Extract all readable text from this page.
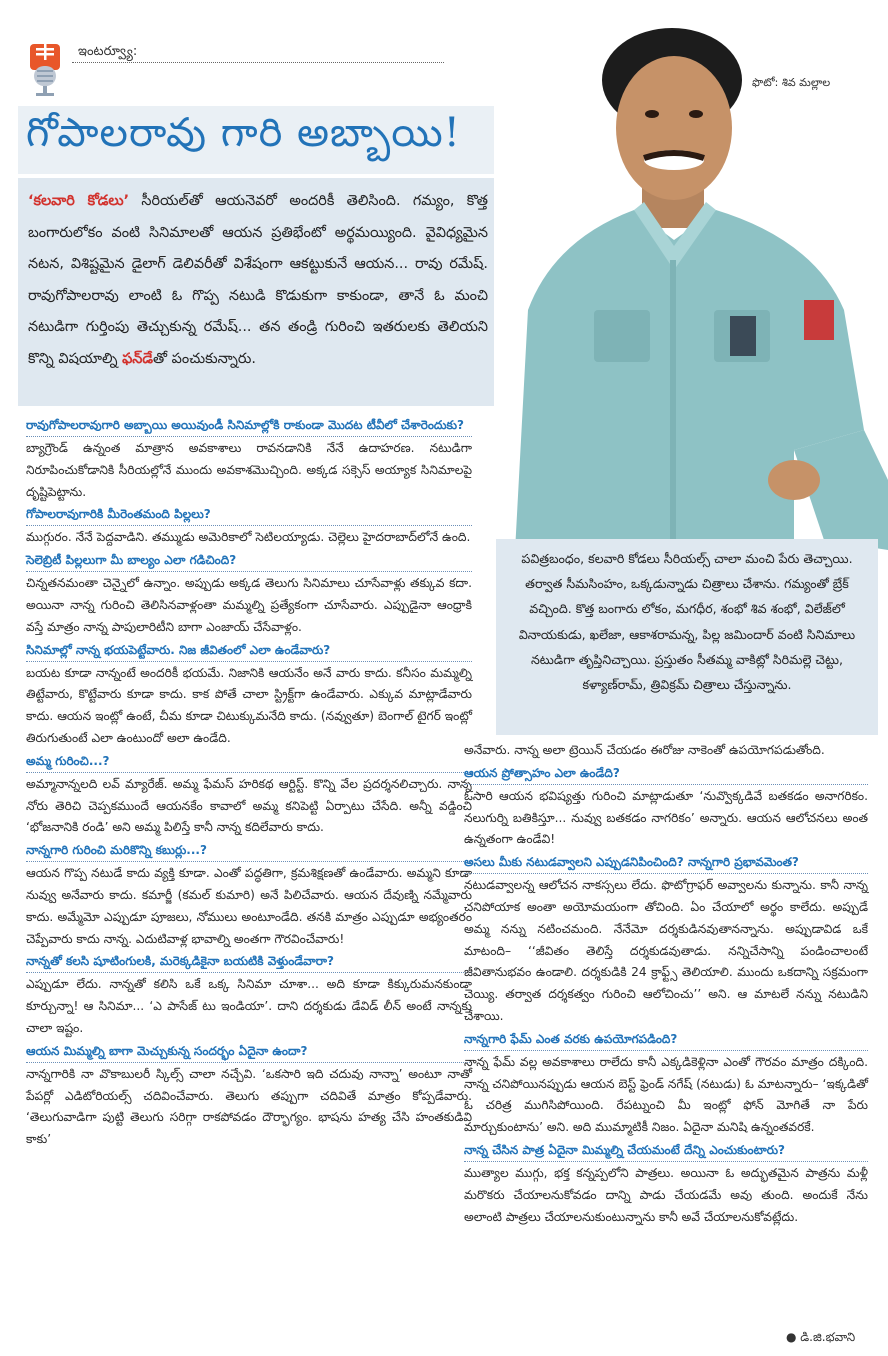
ఇంటర్వ్యూ:
ఫొటో: శివ మల్లాల
గోపాలరావు గారి అబ్బాయి!

‘కలవారి కోడలు’ సీరియల్‌తో ఆయనెవరో అందరికీ తెలిసింది. గమ్యం, కొత్త బంగారులోకం వంటి సినిమాలతో ఆయన ప్రతిభేంటో అర్థమయ్యింది. వైవిధ్యమైన నటన, విశిష్టమైన డైలాగ్ డెలివరీతో విశేషంగా ఆకట్టుకునే ఆయన... రావు రమేష్. రావుగోపాలరావు లాంటి ఓ గొప్ప నటుడి కొడుకుగా కాకుండా, తానే ఓ మంచి నటుడిగా గుర్తింపు తెచ్చుకున్న రమేష్... తన తండ్రి గురించి ఇతరులకు తెలియని కొన్ని విషయాల్ని ఫన్‌డేతో పంచుకున్నారు.

పవిత్రబంధం, కలవారి కోడలు సీరియల్స్ చాలా మంచి పేరు తెచ్చాయి. తర్వాత సీమసింహం, ఒక్కడున్నాడు చిత్రాలు చేశాను. గమ్యంతో బ్రేక్ వచ్చింది. కొత్త బంగారు లోకం, మగధీర, శంభో శివ శంభో, విలేజ్‌లో వినాయకుడు, ఖలేజా, ఆకాశరామన్న, పిల్ల జమిందార్ వంటి సినిమాలు నటుడిగా తృప్తినిచ్చాయి. ప్రస్తుతం సీతమ్మ వాకిట్లో సిరిమల్లె చెట్టు, కళ్యాణ్‌రామ్, త్రివిక్రమ్ చిత్రాలు చేస్తున్నాను.

రావుగోపాలరావుగారి అబ్బాయి అయివుండీ సినిమాల్లోకి రాకుండా మొదట టీవీలో చేశారెందుకు?
బ్యాగ్రౌండ్ ఉన్నంత మాత్రాన అవకాశాలు రావనడానికి నేనే ఉదాహరణ. నటుడిగా నిరూపించుకోడానికి సీరియల్లోనే ముందు అవకాశమొచ్చింది. అక్కడ సక్సెస్ అయ్యాక సినిమాలపై దృష్టిపెట్టాను.
గోపాలరావుగారికి మీరెంతమంది పిల్లలు?
ముగ్గురం. నేనే పెద్దవాడిని. తమ్ముడు అమెరికాలో సెటిలయ్యాడు. చెల్లెలు హైదరాబాద్‌లోనే ఉంది.
సెలెబ్రిటీ పిల్లలుగా మీ బాల్యం ఎలా గడిచింది?
చిన్నతనమంతా చెన్నైలో ఉన్నాం. అప్పుడు అక్కడ తెలుగు సినిమాలు చూసేవాళ్లు తక్కువ కదా. అయినా నాన్న గురించి తెలిసినవాళ్లంతా మమ్మల్ని ప్రత్యేకంగా చూసేవారు. ఎప్పుడైనా ఆంధ్రాకి వస్తే మాత్రం నాన్న పాపులారిటీని బాగా ఎంజాయ్ చేసేవాళ్లం.
సినిమాల్లో నాన్న భయపెట్టేవారు. నిజ జీవితంలో ఎలా ఉండేవారు?
బయట కూడా నాన్నంటే అందరికీ భయమే. నిజానికి ఆయనేం అనే వారు కాదు. కనీసం మమ్మల్ని తిట్టేవారు, కొట్టేవారు కూడా కాదు. కాక పోతే చాలా స్ట్రిక్ట్‌గా ఉండేవారు. ఎక్కువ మాట్లాడేవారు కాదు. ఆయన ఇంట్లో ఉంటే, చీమ కూడా చిటుక్కుమనేది కాదు. (నవ్వుతూ) బెంగాల్ టైగర్ ఇంట్లో తిరుగుతుంటే ఎలా ఉంటుందో అలా ఉండేది.
అమ్మ గురించి...?
అమ్మానాన్నలది లవ్ మ్యారేజ్. అమ్మ ఫేమస్ హరికథ ఆర్టిస్ట్. కొన్ని వేల ప్రదర్శనలిచ్చారు. నాన్న నోరు తెరిచి చెప్పకముందే ఆయనకేం కావాలో అమ్మ కనిపెట్టి ఏర్పాటు చేసేది. అన్నీ వడ్డించి ‘భోజనానికి రండి’ అని అమ్మ పిలిస్తే కానీ నాన్న కదిలేవారు కాదు.
నాన్నగారి గురించి మరికొన్ని కబుర్లు...?
ఆయన గొప్ప నటుడే కాదు వ్యక్తి కూడా. ఎంతో పద్ధతిగా, క్రమశిక్షణతో ఉండేవారు. అమ్మని కూడా నువ్వు అనేవారు కాదు. కమార్జీ (కమల్ కుమారి) అనే పిలిచేవారు. ఆయన దేవుణ్ని నమ్మేవారు కాదు. అమ్మేమో ఎప్పుడూ పూజలు, నోములు అంటూండేది. తనకి మాత్రం ఎప్పుడూ అభ్యంతరం చెప్పేవారు కాదు నాన్న. ఎదుటివాళ్ల భావాల్ని అంతగా గౌరవించేవారు!
నాన్నతో కలసి షూటింగులకి, మరెక్కడికైనా బయటికి వెళ్తుండేవారా?
ఎప్పుడూ లేదు. నాన్నతో కలిసి ఒకే ఒక్క సినిమా చూశా... అది కూడా కిక్కురుమనకుండా కూర్చున్నా! ఆ సినిమా... ‘ఎ పాసేజ్ టు ఇండియా’. దాని దర్శకుడు డేవిడ్ లీన్ అంటే నాన్నకు చాలా ఇష్టం.
ఆయన మిమ్మల్ని బాగా మెచ్చుకున్న సందర్భం ఏదైనా ఉందా?
నాన్నగారికి నా వొకాబులరీ స్కిల్స్ చాలా నచ్చేవి. ‘ఒకసారి ఇది చదువు నాన్నా’ అంటూ నాతో పేపర్లో ఎడిటోరియల్స్ చదివించేవారు. తెలుగు తప్పుగా చదివితే మాత్రం కోప్పడేవారు. ‘తెలుగువాడిగా పుట్టి తెలుగు సరిగ్గా రాకపోవడం దౌర్భాగ్యం. భాషను హత్య చేసి హంతకుడివి కాకు’
అనేవారు. నాన్న అలా ట్రెయిన్ చేయడం ఈరోజు నాకెంతో ఉపయోగపడుతోంది.
ఆయన ప్రోత్సాహం ఎలా ఉండేది?
ఓసారి ఆయన భవిష్యత్తు గురించి మాట్లాడుతూ ‘నువ్వొక్కడివే బతకడం అనాగరికం. నలుగుర్ని బతికిస్తూ... నువ్వు బతకడం నాగరికం’ అన్నారు. ఆయన ఆలోచనలు అంత ఉన్నతంగా ఉండేవి!
అసలు మీకు నటుడవ్వాలని ఎప్పుడనిపించింది? నాన్నగారి ప్రభావమెంత?
నటుడవ్వాలన్న ఆలోచన నాకస్సలు లేదు. ఫొటోగ్రాఫర్ అవ్వాలను కున్నాను. కానీ నాన్న చనిపోయాక అంతా అయోమయంగా తోచింది. ఏం చేయాలో అర్థం కాలేదు. అప్పుడే అమ్మ నన్ను నటించమంది. నేనేమో దర్శకుడినవుతానన్నాను. అప్పుడావిడ ఒకే మాటంది– ‘‘జీవితం తెలిస్తే దర్శకుడవుతాడు. నన్నిచేసాన్ని పండించాలంటే జీవితానుభవం ఉండాలి. దర్శకుడికి 24 క్రాఫ్ట్స్ తెలియాలి. ముందు ఒకదాన్ని సక్రమంగా చెయ్యి. తర్వాత దర్శకత్వం గురించి ఆలోచించు’’ అని. ఆ మాటలే నన్ను నటుడిని చేశాయి.
నాన్నగారి ఫేమ్ ఎంత వరకు ఉపయోగపడింది?
నాన్న ఫేమ్ వల్ల అవకాశాలు రాలేదు కానీ ఎక్కడికెళ్లినా ఎంతో గౌరవం మాత్రం దక్కింది. నాన్న చనిపోయినప్పుడు ఆయన బెస్ట్ ఫ్రెండ్ నగేష్ (నటుడు) ఓ మాటన్నారు– ‘ఇక్కడితో ఓ చరిత్ర ముగిసిపోయింది. రేపట్నుంచి మీ ఇంట్లో ఫోన్ మోగితే నా పేరు మార్చుకుంటాను’ అని. అది ముమ్మాటికీ నిజం. ఏదైనా మనిషి ఉన్నంతవరకే.
నాన్న చేసిన పాత్ర ఏదైనా మిమ్మల్ని చేయమంటే దేన్ని ఎంచుకుంటారు?
ముత్యాల ముగ్గు, భక్త కన్నప్పలోని పాత్రలు. అయినా ఓ అద్భుతమైన పాత్రను మళ్లీ మరొకరు చేయాలనుకోవడం దాన్ని పాడు చేయడమే అవు తుంది. అందుకే నేను అలాంటి పాత్రలు చేయాలనుకుంటున్నాను కానీ అవే చేయాలనుకోవట్లేదు.
● డి.జి.భవాని
